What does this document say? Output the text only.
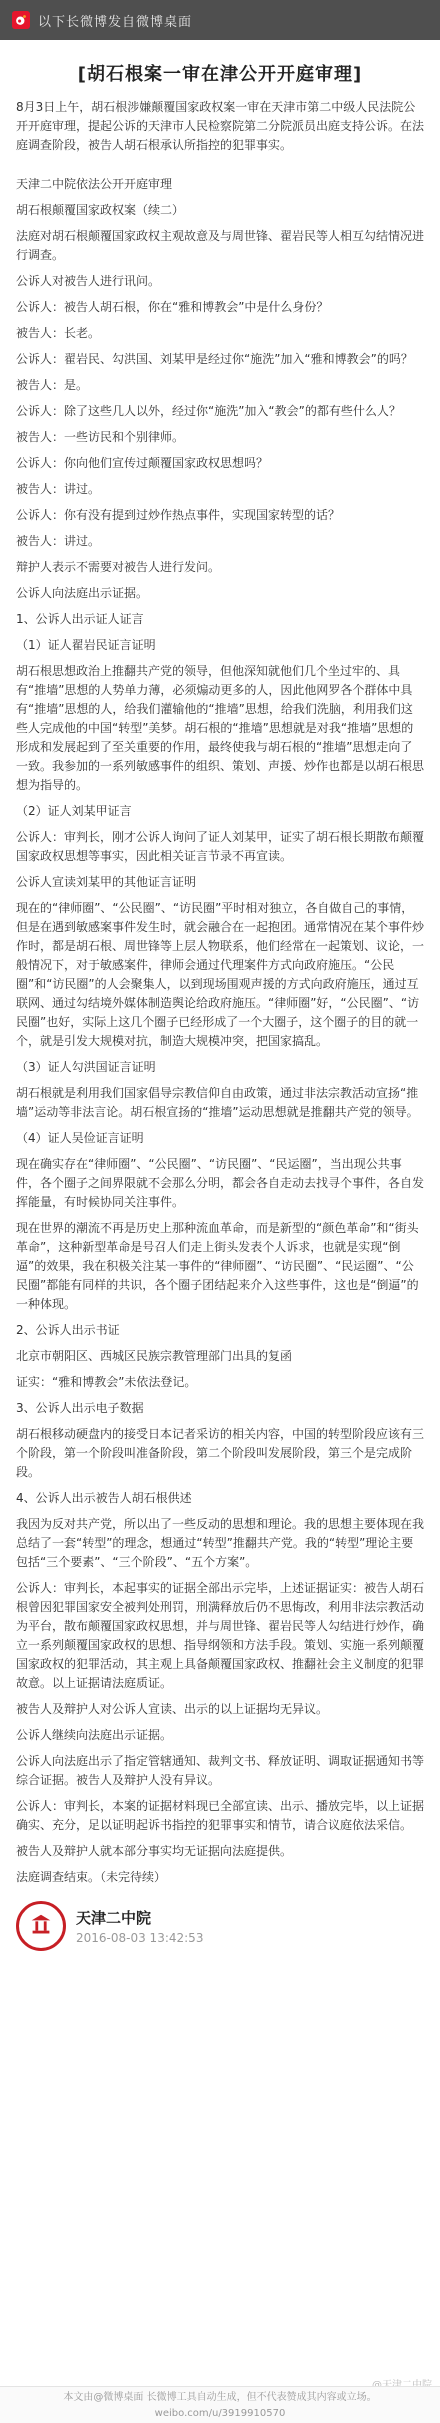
以下长微博发自微博桌面
[胡石根案一审在津公开开庭审理]

8月3日上午，胡石根涉嫌颠覆国家政权案一审在天津市第二中级人民法院公开开庭审理，提起公诉的天津市人民检察院第二分院派员出庭支持公诉。在法庭调查阶段，被告人胡石根承认所指控的犯罪事实。

天津二中院依法公开开庭审理

胡石根颠覆国家政权案（续二）

法庭对胡石根颠覆国家政权主观故意及与周世锋、翟岩民等人相互勾结情况进行调查。

公诉人对被告人进行讯问。

公诉人：被告人胡石根，你在“雅和博教会”中是什么身份？

被告人：长老。

公诉人：翟岩民、勾洪国、刘某甲是经过你“施洗”加入“雅和博教会”的吗？

被告人：是。

公诉人：除了这些几人以外，经过你“施洗”加入“教会”的都有些什么人？

被告人：一些访民和个别律师。

公诉人：你向他们宣传过颠覆国家政权思想吗？

被告人：讲过。

公诉人：你有没有提到过炒作热点事件，实现国家转型的话？

被告人：讲过。

辩护人表示不需要对被告人进行发问。

公诉人向法庭出示证据。

1、公诉人出示证人证言

（1）证人翟岩民证言证明

胡石根思想政治上推翻共产党的领导，但他深知就他们几个坐过牢的、具有“推墙”思想的人势单力薄，必须煽动更多的人，因此他网罗各个群体中具有“推墙”思想的人，给我们灌输他的“推墙”思想，给我们洗脑，利用我们这些人完成他的中国“转型”美梦。胡石根的“推墙”思想就是对我“推墙”思想的形成和发展起到了至关重要的作用，最终使我与胡石根的“推墙”思想走向了一致。我参加的一系列敏感事件的组织、策划、声援、炒作也都是以胡石根思想为指导的。

（2）证人刘某甲证言

公诉人：审判长，刚才公诉人询问了证人刘某甲，证实了胡石根长期散布颠覆国家政权思想等事实，因此相关证言节录不再宣读。

公诉人宣读刘某甲的其他证言证明

现在的“律师圈”、“公民圈”、“访民圈”平时相对独立，各自做自己的事情，但是在遇到敏感案事件发生时，就会融合在一起抱团。通常情况在某个事件炒作时，都是胡石根、周世锋等上层人物联系，他们经常在一起策划、议论，一般情况下，对于敏感案件，律师会通过代理案件方式向政府施压。“公民圈”和“访民圈”的人会聚集人，以到现场围观声援的方式向政府施压，通过互联网、通过勾结境外媒体制造舆论给政府施压。“律师圈”好，“公民圈”、“访民圈”也好，实际上这几个圈子已经形成了一个大圈子，这个圈子的目的就一个，就是引发大规模对抗，制造大规模冲突，把国家搞乱。

（3）证人勾洪国证言证明

胡石根就是利用我们国家倡导宗教信仰自由政策，通过非法宗教活动宣扬“推墙”运动等非法言论。胡石根宣扬的“推墙”运动思想就是推翻共产党的领导。

（4）证人吴俭证言证明

现在确实存在“律师圈”、“公民圈”、“访民圈”、“民运圈”，当出现公共事件，各个圈子之间界限就不会那么分明，都会各自走动去找寻个事件，各自发挥能量，有时候协同关注事件。

现在世界的潮流不再是历史上那种流血革命，而是新型的“颜色革命”和“街头革命”，这种新型革命是号召人们走上街头发表个人诉求，也就是实现“倒逼”的效果，我在积极关注某一事件的“律师圈”、“访民圈”、“民运圈”、“公民圈”都能有同样的共识，各个圈子团结起来介入这些事件，这也是“倒逼”的一种体现。

2、公诉人出示书证

北京市朝阳区、西城区民族宗教管理部门出具的复函

证实：“雅和博教会”未依法登记。

3、公诉人出示电子数据

胡石根移动硬盘内的接受日本记者采访的相关内容，中国的转型阶段应该有三个阶段，第一个阶段叫准备阶段，第二个阶段叫发展阶段，第三个是完成阶段。

4、公诉人出示被告人胡石根供述

我因为反对共产党，所以出了一些反动的思想和理论。我的思想主要体现在我总结了一套“转型”的理念，想通过“转型”推翻共产党。我的“转型”理论主要包括“三个要素”、“三个阶段”、“五个方案”。

公诉人：审判长，本起事实的证据全部出示完毕，上述证据证实：被告人胡石根曾因犯罪国家安全被判处刑罚，刑满释放后仍不思悔改，利用非法宗教活动为平台，散布颠覆国家政权思想，并与周世锋、翟岩民等人勾结进行炒作，确立一系列颠覆国家政权的思想、指导纲领和方法手段。策划、实施一系列颠覆国家政权的犯罪活动，其主观上具备颠覆国家政权、推翻社会主义制度的犯罪故意。以上证据请法庭质证。

被告人及辩护人对公诉人宣读、出示的以上证据均无异议。

公诉人继续向法庭出示证据。

公诉人向法庭出示了指定管辖通知、裁判文书、释放证明、调取证据通知书等综合证据。被告人及辩护人没有异议。

公诉人：审判长，本案的证据材料现已全部宣读、出示、播放完毕，以上证据确实、充分，足以证明起诉书指控的犯罪事实和情节，请合议庭依法采信。

被告人及辩护人就本部分事实均无证据向法庭提供。

法庭调查结束。（未完待续）

天津二中院
2016-08-03 13:42:53
本文由@微博桌面 长微博工具自动生成，但不代表赞成其内容或立场。
weibo.com/u/3919910570
